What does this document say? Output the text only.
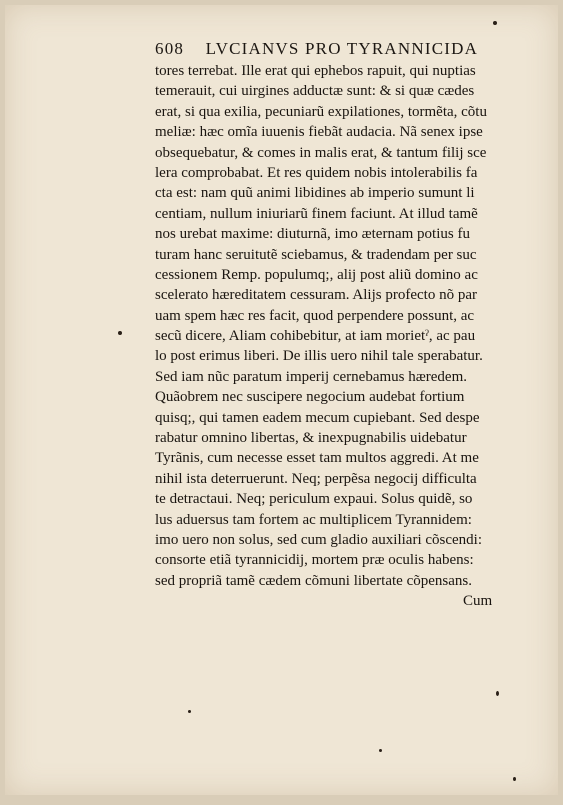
608 LVCIANVS PRO TYRANNICIDA
tores terrebat. Ille erat qui ephebos rapuit, qui nuptias
temerauit, cui uirgines adductæ sunt: & si quæ cædes
erat, si qua exilia, pecuniarũ expilationes, tormẽta, cõtu
meliæ: hæc omĩa iuuenis fiebãt audacia. Nã senex ipse
obsequebatur, & comes in malis erat, & tantum filij sce
lera comprobabat. Et res quidem nobis intolerabilis fa
cta est: nam quũ animi libidines ab imperio sumunt li
centiam, nullum iniuriarũ finem faciunt. At illud tamẽ
nos urebat maxime: diuturnã, imo æternam potius fu
turam hanc seruitutẽ sciebamus, & tradendam per suc
cessionem Remp. populumq;, alij post aliũ domino ac
scelerato hæreditatem cessuram. Alijs profecto nõ par
uam spem hæc res facit, quod perpendere possunt, ac
secũ dicere, Aliam cohibebitur, at iam morietˀ, ac pau
lo post erimus liberi. De illis uero nihil tale sperabatur.
Sed iam nũc paratum imperij cernebamus hæredem.
Quãobrem nec suscipere negocium audebat fortium
quisq;, qui tamen eadem mecum cupiebant. Sed despe
rabatur omnino libertas, & inexpugnabilis uidebatur
Tyrãnis, cum necesse esset tam multos aggredi. At me
nihil ista deterruerunt. Neq; perpẽsa negocij difficulta
te detractaui. Neq; periculum expaui. Solus quidẽ, so
lus aduersus tam fortem ac multiplicem Tyrannidem:
imo uero non solus, sed cum gladio auxiliari cõscendi:
consorte etiã tyrannicidij, mortem præ oculis habens:
sed propriã tamẽ cædem cõmuni libertate cõpensans.
Cum
